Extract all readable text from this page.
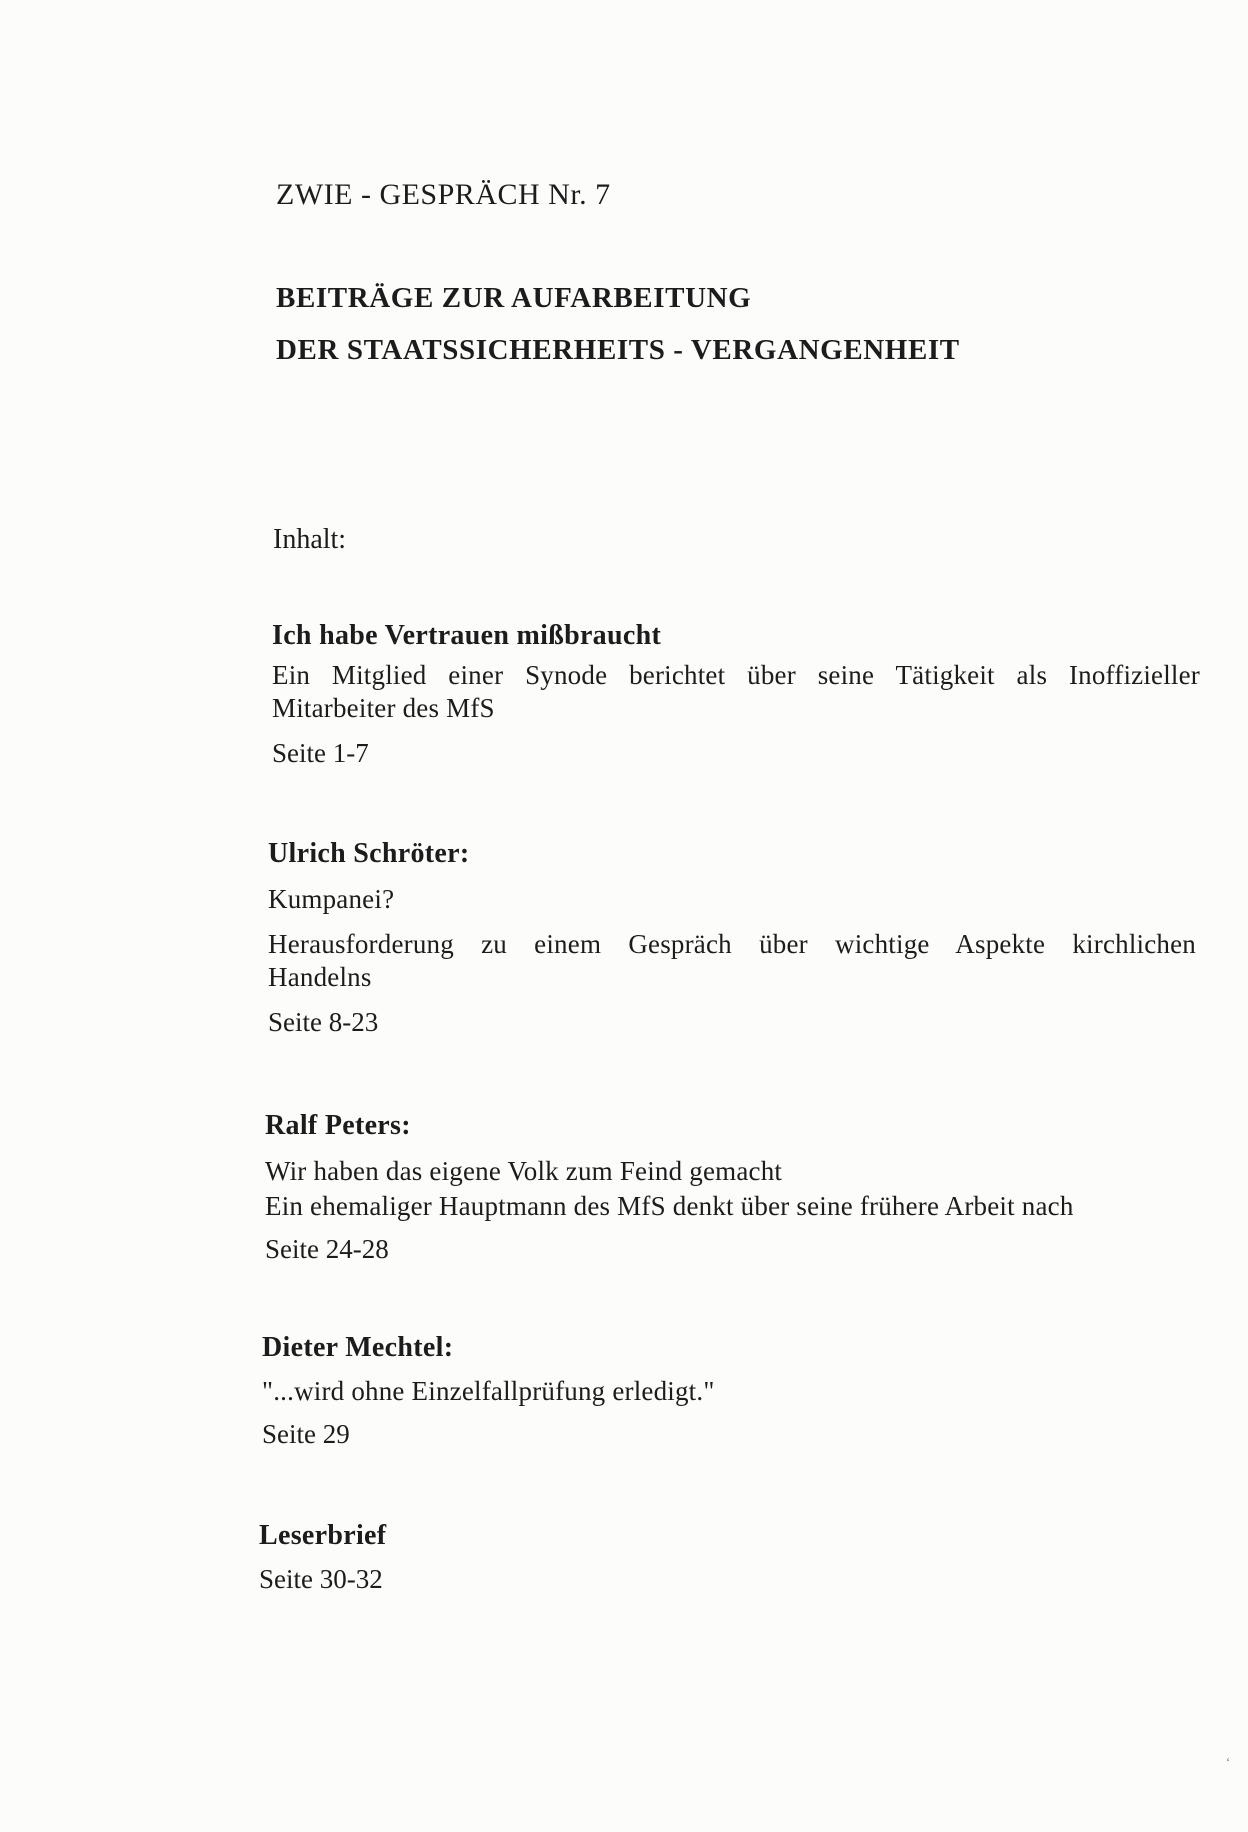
ZWIE - GESPRÄCH Nr. 7
BEITRÄGE ZUR AUFARBEITUNG
DER STAATSSICHERHEITS - VERGANGENHEIT
Inhalt:
Ich habe Vertrauen mißbraucht
Ein Mitglied einer Synode berichtet über seine Tätigkeit als Inoffizieller
Mitarbeiter des MfS
Seite 1-7
Ulrich Schröter:
Kumpanei?
Herausforderung zu einem Gespräch über wichtige Aspekte kirchlichen
Handelns
Seite 8-23
Ralf Peters:
Wir haben das eigene Volk zum Feind gemacht
Ein ehemaliger Hauptmann des MfS denkt über seine frühere Arbeit nach
Seite 24-28
Dieter Mechtel:
"...wird ohne Einzelfallprüfung erledigt."
Seite 29
Leserbrief
Seite 30-32
‘
